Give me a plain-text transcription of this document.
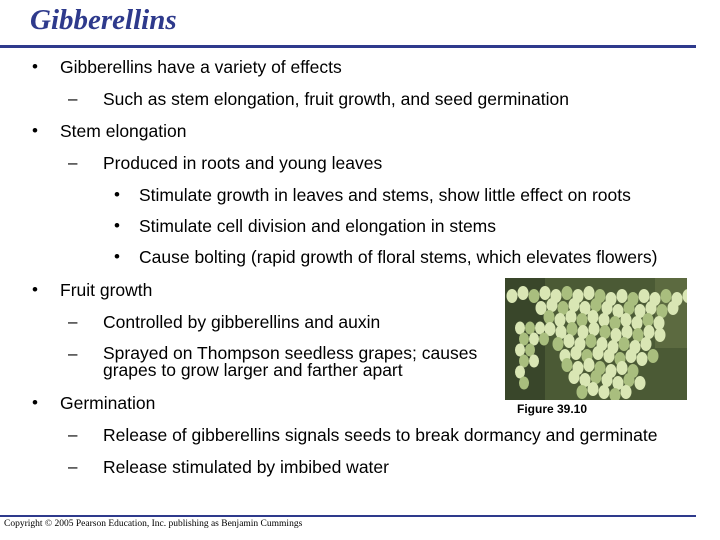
Gibberellins
• Gibberellins have a variety of effects
– Such as stem elongation, fruit growth, and seed germination
• Stem elongation
– Produced in roots and young leaves
• Stimulate growth in leaves and stems, show little effect on roots
• Stimulate cell division and elongation in stems
• Cause bolting (rapid growth of floral stems, which elevates flowers)
• Fruit growth
– Controlled by gibberellins and auxin
– Sprayed on Thompson seedless grapes; causes grapes to grow larger and farther apart
• Germination
– Release of gibberellins signals seeds to break dormancy and germinate
– Release stimulated by imbibed water
Figure 39.10
Copyright © 2005 Pearson Education, Inc. publishing as Benjamin Cummings
